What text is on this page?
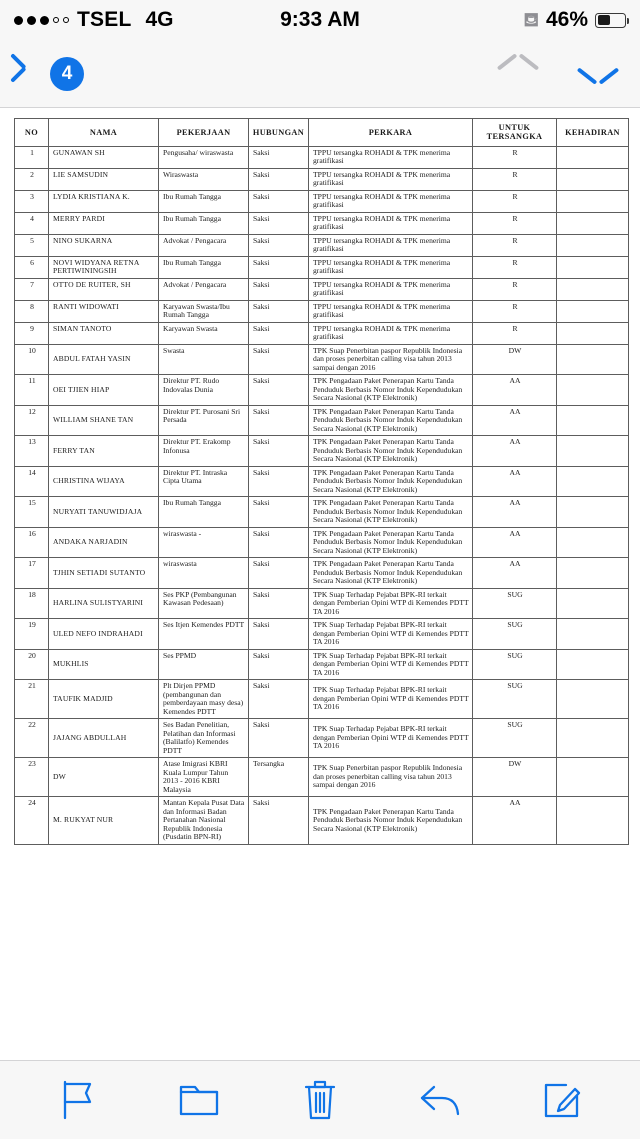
TSEL 4G	9:33 AM	⛾ 46%
4
NO	NAMA	PEKERJAAN	HUBUNGAN	PERKARA	UNTUK TERSANGKA	KEHADIRAN
1	GUNAWAN SH	Pengusaha/ wiraswasta	Saksi	TPPU tersangka ROHADI & TPK menerima gratifikasi	R	
2	LIE SAMSUDIN	Wiraswasta	Saksi	TPPU tersangka ROHADI & TPK menerima gratifikasi	R	
3	LYDIA KRISTIANA K.	Ibu Rumah Tangga	Saksi	TPPU tersangka ROHADI & TPK menerima gratifikasi	R	
4	MERRY PARDI	Ibu Rumah Tangga	Saksi	TPPU tersangka ROHADI & TPK menerima gratifikasi	R	
5	NINO SUKARNA	Advokat / Pengacara	Saksi	TPPU tersangka ROHADI & TPK menerima gratifikasi	R	
6	NOVI WIDYANA RETNA PERTIWININGSIH	Ibu Rumah Tangga	Saksi	TPPU tersangka ROHADI & TPK menerima gratifikasi	R	
7	OTTO DE RUITER, SH	Advokat / Pengacara	Saksi	TPPU tersangka ROHADI & TPK menerima gratifikasi	R	
8	RANTI WIDOWATI	Karyawan Swasta/Ibu Rumah Tangga	Saksi	TPPU tersangka ROHADI & TPK menerima gratifikasi	R	
9	SIMAN TANOTO	Karyawan Swasta	Saksi	TPPU tersangka ROHADI & TPK menerima gratifikasi	R	
10	ABDUL FATAH YASIN	Swasta	Saksi	TPK Suap Penerbitan paspor Republik Indonesia dan proses penerbitan calling visa tahun 2013 sampai dengan 2016	DW	
11	OEI TJIEN HIAP	Direktur PT. Rudo Indovalas Dunia	Saksi	TPK Pengadaan Paket Penerapan Kartu Tanda Penduduk Berbasis Nomor Induk Kependudukan Secara Nasional (KTP Elektronik)	AA	
12	WILLIAM SHANE TAN	Direktur PT. Purosani Sri Persada	Saksi	TPK Pengadaan Paket Penerapan Kartu Tanda Penduduk Berbasis Nomor Induk Kependudukan Secara Nasional (KTP Elektronik)	AA	
13	FERRY TAN	Direktur PT. Erakomp Infonusa	Saksi	TPK Pengadaan Paket Penerapan Kartu Tanda Penduduk Berbasis Nomor Induk Kependudukan Secara Nasional (KTP Elektronik)	AA	
14	CHRISTINA WIJAYA	Direktur PT. Intraska Cipta Utama	Saksi	TPK Pengadaan Paket Penerapan Kartu Tanda Penduduk Berbasis Nomor Induk Kependudukan Secara Nasional (KTP Elektronik)	AA	
15	NURYATI TANUWIDJAJA	Ibu Rumah Tangga	Saksi	TPK Pengadaan Paket Penerapan Kartu Tanda Penduduk Berbasis Nomor Induk Kependudukan Secara Nasional (KTP Elektronik)	AA	
16	ANDAKA NARJADIN	wiraswasta -	Saksi	TPK Pengadaan Paket Penerapan Kartu Tanda Penduduk Berbasis Nomor Induk Kependudukan Secara Nasional (KTP Elektronik)	AA	
17	TJHIN SETIADI SUTANTO	wiraswasta	Saksi	TPK Pengadaan Paket Penerapan Kartu Tanda Penduduk Berbasis Nomor Induk Kependudukan Secara Nasional (KTP Elektronik)	AA	
18	HARLINA SULISTYARINI	Ses PKP (Pembangunan Kawasan Pedesaan)	Saksi	TPK Suap Terhadap Pejabat BPK-RI terkait dengan Pemberian Opini WTP di Kemendes PDTT TA 2016	SUG	
19	ULED NEFO INDRAHADI	Ses Itjen Kemendes PDTT	Saksi	TPK Suap Terhadap Pejabat BPK-RI terkait dengan Pemberian Opini WTP di Kemendes PDTT TA 2016	SUG	
20	MUKHLIS	Ses PPMD	Saksi	TPK Suap Terhadap Pejabat BPK-RI terkait dengan Pemberian Opini WTP di Kemendes PDTT TA 2016	SUG	
21	TAUFIK MADJID	Plt Dirjen PPMD (pembangunan dan pemberdayaan masy desa) Kemendes PDTT	Saksi	TPK Suap Terhadap Pejabat BPK-RI terkait dengan Pemberian Opini WTP di Kemendes PDTT TA 2016	SUG	
22	JAJANG ABDULLAH	Ses Badan Penelitian, Pelatihan dan Informasi (Balilatfo) Kemendes PDTT	Saksi	TPK Suap Terhadap Pejabat BPK-RI terkait dengan Pemberian Opini WTP di Kemendes PDTT TA 2016	SUG	
23	DW	Atase Imigrasi KBRI Kuala Lumpur Tahun 2013 - 2016 KBRI Malaysia	Tersangka	TPK Suap Penerbitan paspor Republik Indonesia dan proses penerbitan calling visa tahun 2013 sampai dengan 2016	DW	
24	M. RUKYAT NUR	Mantan Kepala Pusat Data dan Informasi Badan Pertanahan Nasional Republik Indonesia (Pusdatin BPN-RI)	Saksi	TPK Pengadaan Paket Penerapan Kartu Tanda Penduduk Berbasis Nomor Induk Kependudukan Secara Nasional (KTP Elektronik)	AA	
